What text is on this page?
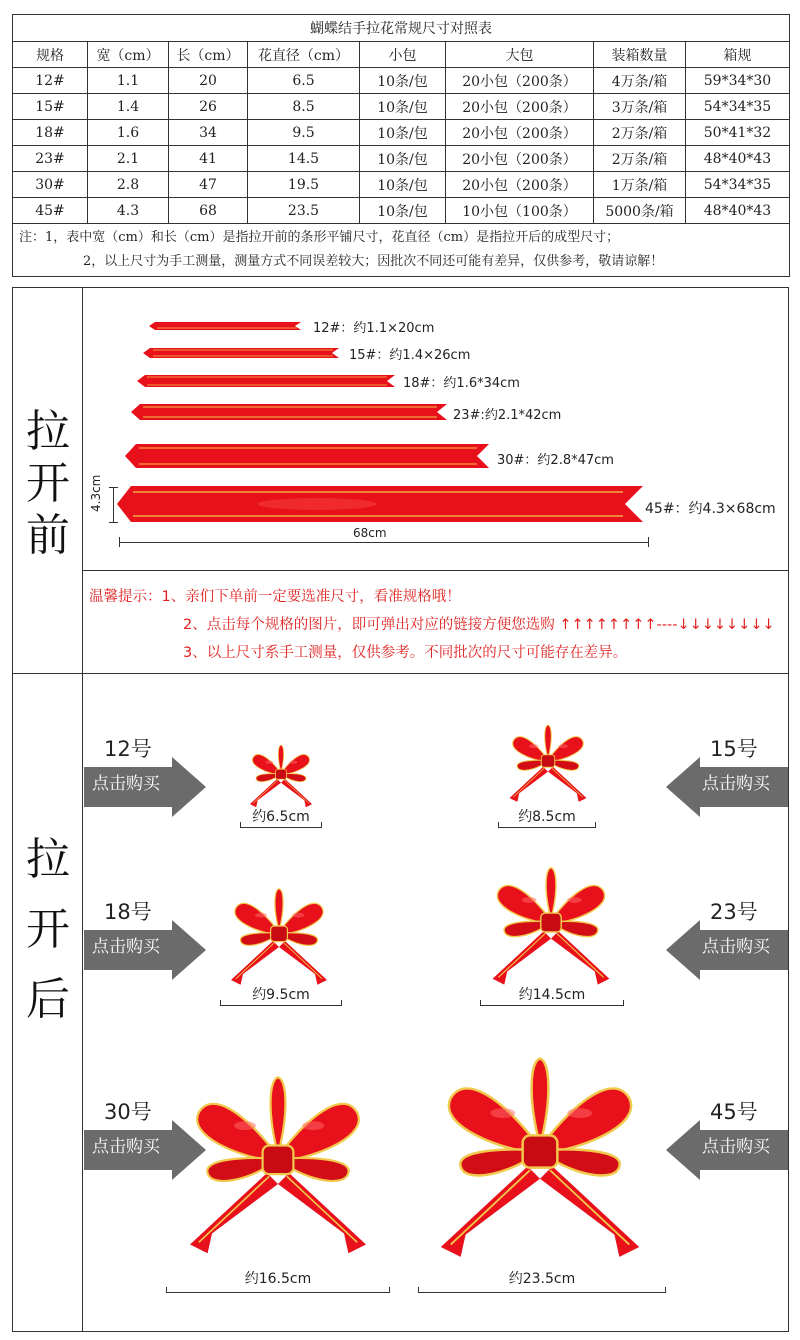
蝴蝶结手拉花常规尺寸对照表							
规格	宽（cm）	长（cm）	花直径（cm）	小包	大包	装箱数量	箱规
12#	1.1	20	6.5	10条/包	20小包（200条）	4万条/箱	59*34*30
15#	1.4	26	8.5	10条/包	20小包（200条）	3万条/箱	54*34*35
18#	1.6	34	9.5	10条/包	20小包（200条）	2万条/箱	50*41*32
23#	2.1	41	14.5	10条/包	20小包（200条）	2万条/箱	48*40*43
30#	2.8	47	19.5	10条/包	20小包（200条）	1万条/箱	54*34*35
45#	4.3	68	23.5	10条/包	10小包（100条）	5000条/箱	48*40*43
注：1，表中宽（cm）和长（cm）是指拉开前的条形平铺尺寸，花直径（cm）是指拉开后的成型尺寸；
2，以上尺寸为手工测量，测量方式不同误差较大；因批次不同还可能有差异，仅供参考，敬请谅解！							
拉
开
前
12#：约1.1×20cm
15#：约1.4×26cm
18#：约1.6*34cm
23#:约2.1*42cm
30#：约2.8*47cm
45#：约4.3×68cm
4.3cm
68cm
温馨提示：1、亲们下单前一定要选准尺寸，看准规格哦！
2、点击每个规格的图片，即可弹出对应的链接方便您选购 ↑↑↑↑↑↑↑↑----↓↓↓↓↓↓↓↓
3、以上尺寸系手工测量，仅供参考。不同批次的尺寸可能存在差异。
拉
开
后
12号
点击购买
15号
点击购买
18号
点击购买
23号
点击购买
30号
点击购买
45号
点击购买
约6.5cm	约8.5cm
约9.5cm	约14.5cm
约16.5cm	约23.5cm
